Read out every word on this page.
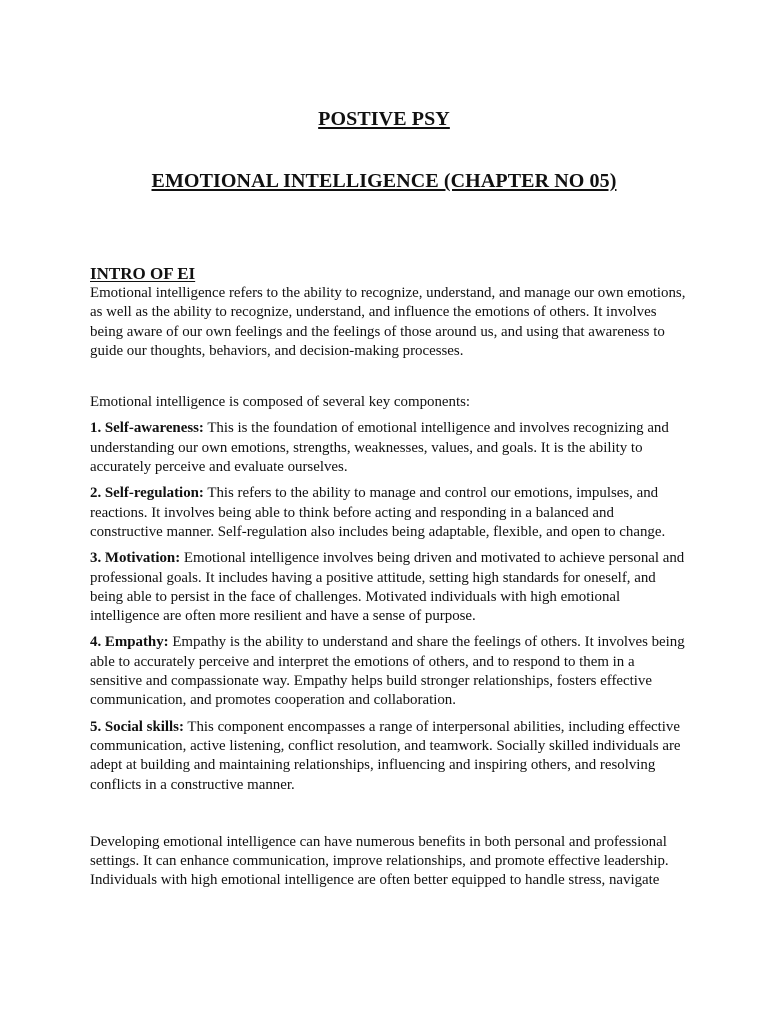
POSTIVE PSY
EMOTIONAL INTELLIGENCE (CHAPTER NO 05)
INTRO OF EI

Emotional intelligence refers to the ability to recognize, understand, and manage our own emotions, as well as the ability to recognize, understand, and influence the emotions of others. It involves being aware of our own feelings and the feelings of those around us, and using that awareness to guide our thoughts, behaviors, and decision-making processes.

Emotional intelligence is composed of several key components:

1. Self-awareness: This is the foundation of emotional intelligence and involves recognizing and understanding our own emotions, strengths, weaknesses, values, and goals. It is the ability to accurately perceive and evaluate ourselves.

2. Self-regulation: This refers to the ability to manage and control our emotions, impulses, and reactions. It involves being able to think before acting and responding in a balanced and constructive manner. Self-regulation also includes being adaptable, flexible, and open to change.

3. Motivation: Emotional intelligence involves being driven and motivated to achieve personal and professional goals. It includes having a positive attitude, setting high standards for oneself, and being able to persist in the face of challenges. Motivated individuals with high emotional intelligence are often more resilient and have a sense of purpose.

4. Empathy: Empathy is the ability to understand and share the feelings of others. It involves being able to accurately perceive and interpret the emotions of others, and to respond to them in a sensitive and compassionate way. Empathy helps build stronger relationships, fosters effective communication, and promotes cooperation and collaboration.

5. Social skills: This component encompasses a range of interpersonal abilities, including effective communication, active listening, conflict resolution, and teamwork. Socially skilled individuals are adept at building and maintaining relationships, influencing and inspiring others, and resolving conflicts in a constructive manner.

Developing emotional intelligence can have numerous benefits in both personal and professional settings. It can enhance communication, improve relationships, and promote effective leadership. Individuals with high emotional intelligence are often better equipped to handle stress, navigate
